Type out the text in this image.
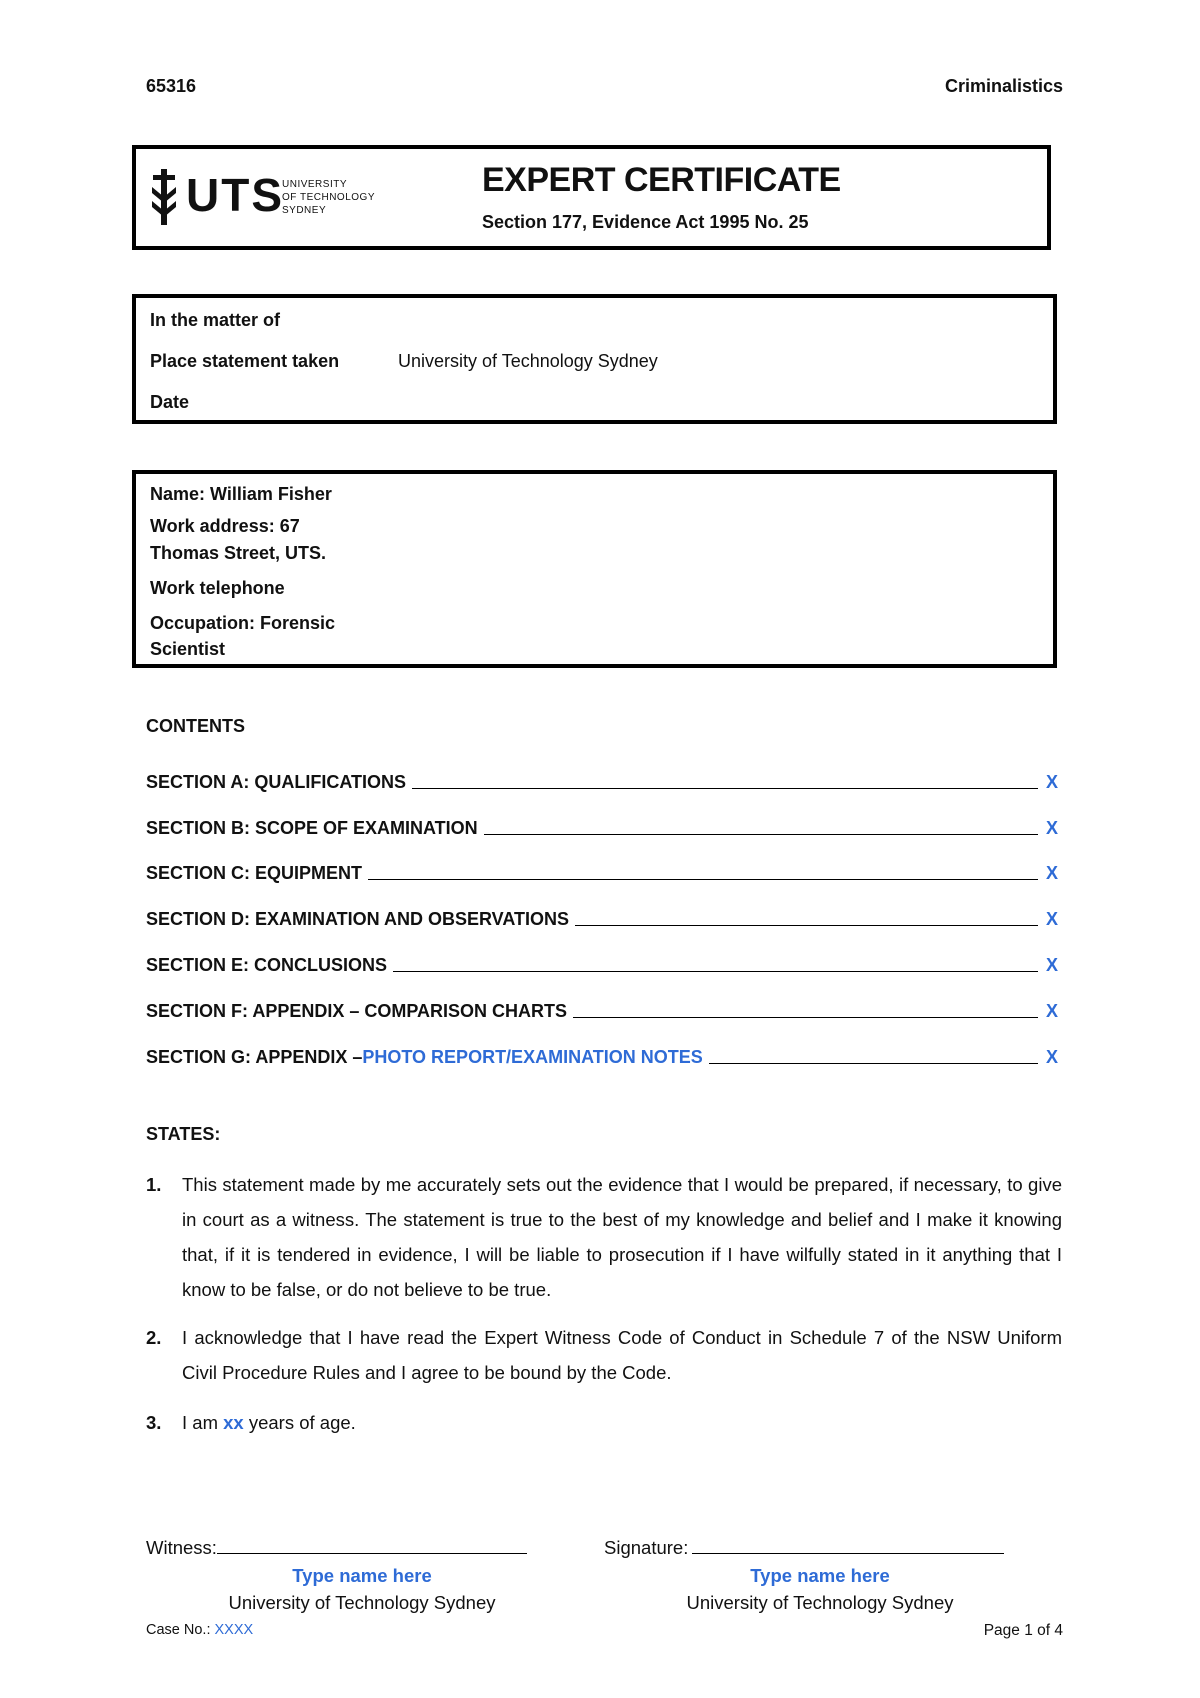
65316	Criminalistics
UTS
UNIVERSITY
OF TECHNOLOGY
SYDNEY
EXPERT CERTIFICATE
Section 177, Evidence Act 1995 No. 25
In the matter of
Place statement taken	University of Technology Sydney
Date
Name: William Fisher
Work address: 67
Thomas Street, UTS.
Work telephone
Occupation: Forensic
Scientist
CONTENTS
SECTION A: QUALIFICATIONS	X
SECTION B: SCOPE OF EXAMINATION	X
SECTION C: EQUIPMENT	X
SECTION D: EXAMINATION AND OBSERVATIONS	X
SECTION E: CONCLUSIONS	X
SECTION F: APPENDIX – COMPARISON CHARTS	X
SECTION G: APPENDIX – PHOTO REPORT/EXAMINATION NOTES	X
STATES:
1. This statement made by me accurately sets out the evidence that I would be prepared, if necessary, to give in court as a witness. The statement is true to the best of my knowledge and belief and I make it knowing that, if it is tendered in evidence, I will be liable to prosecution if I have wilfully stated in it anything that I know to be false, or do not believe to be true.
2. I acknowledge that I have read the Expert Witness Code of Conduct in Schedule 7 of the NSW Uniform Civil Procedure Rules and I agree to be bound by the Code.
3. I am xx years of age.
Witness:
Type name here
University of Technology Sydney
Signature:
Type name here
University of Technology Sydney
Case No.: XXXX	Page 1 of 4
